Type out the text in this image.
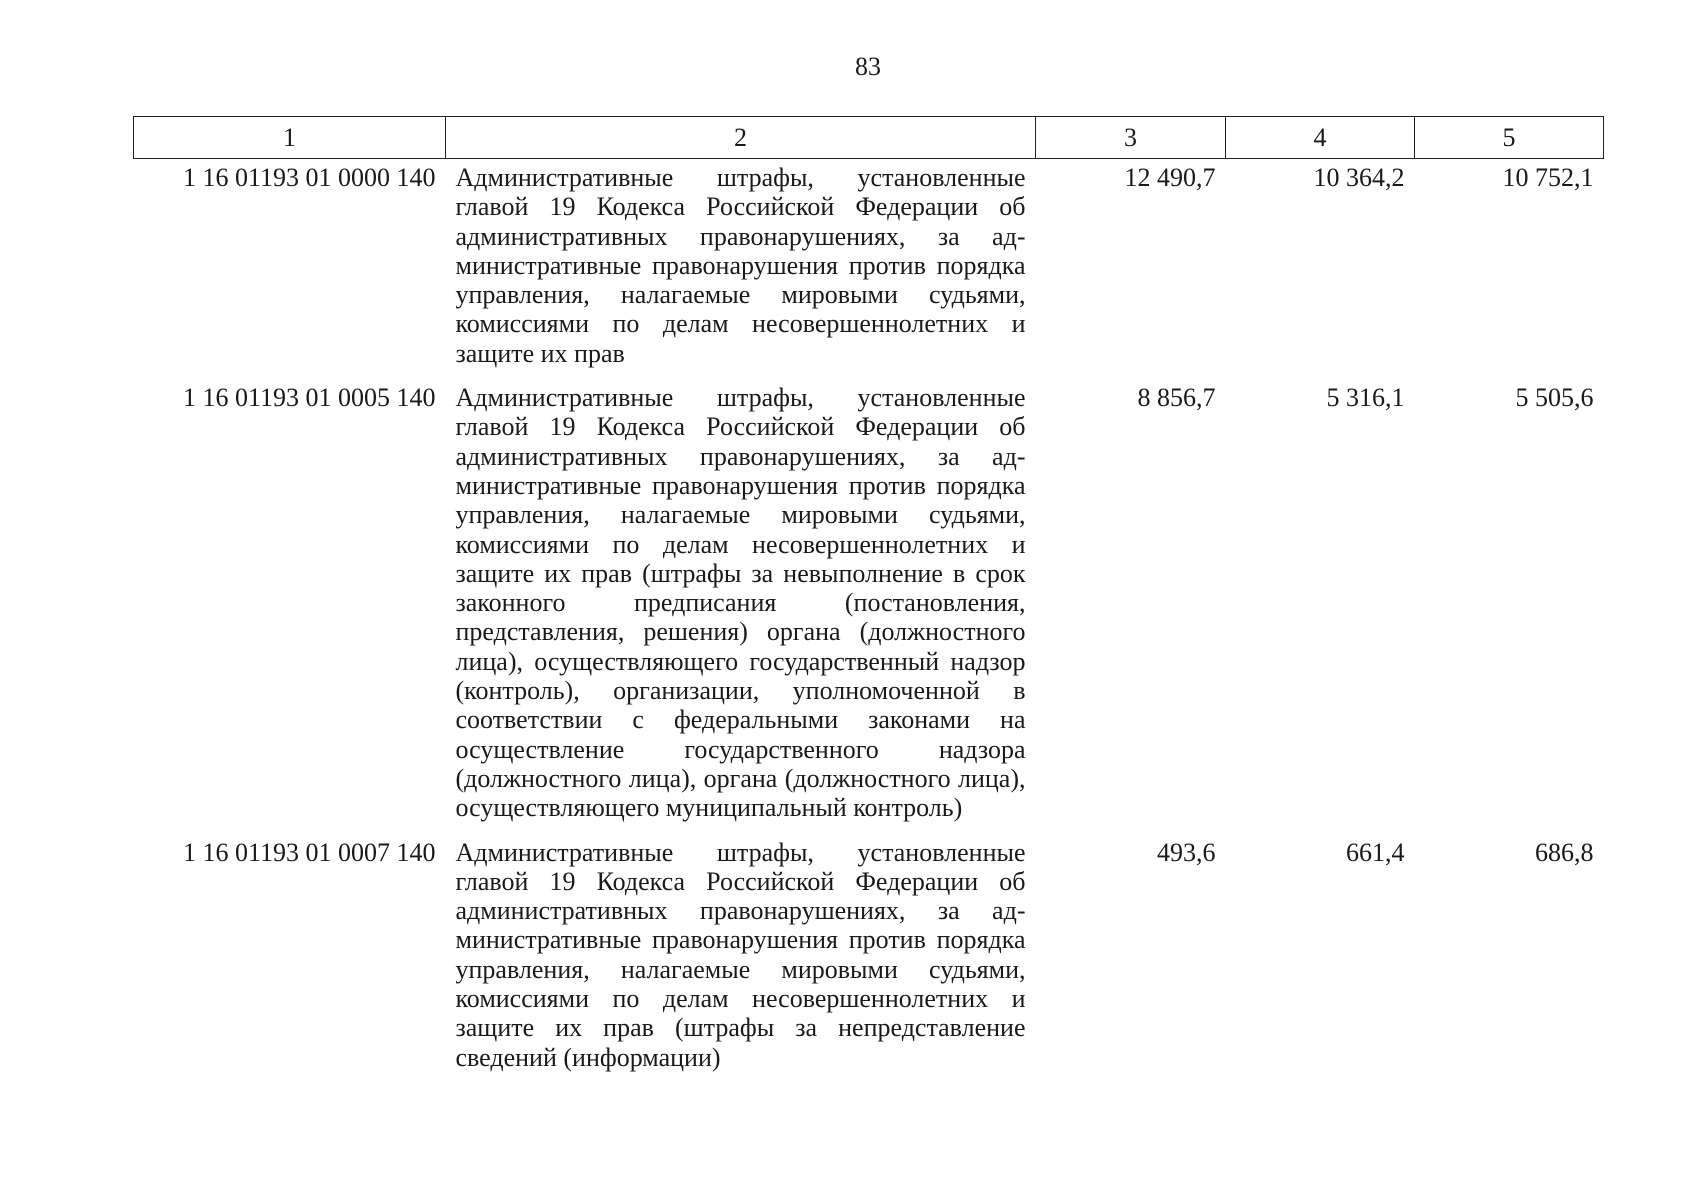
83
1	2	3	4	5
1 16 01193 01 0000 140	Административные штрафы, установленные главой 19 Кодекса Российской Федерации об административных правонарушениях, за административные правонарушения против порядка управления, налагаемые мировыми судьями, комиссиями по делам несовершеннолетних и защите их прав	12 490,7	10 364,2	10 752,1
1 16 01193 01 0005 140	Административные штрафы, установленные главой 19 Кодекса Российской Федерации об административных правонарушениях, за административные правонарушения против порядка управления, налагаемые мировыми судьями, комиссиями по делам несовершеннолетних и защите их прав (штрафы за невыполнение в срок законного предписания (постановления, представления, решения) органа (должностного лица), осуществляющего государственный надзор (контроль), организации, уполномоченной в соответствии с федеральными законами на осуществление государственного надзора (должностного лица), органа (должностного лица), осуществляющего муниципальный контроль)	8 856,7	5 316,1	5 505,6
1 16 01193 01 0007 140	Административные штрафы, установленные главой 19 Кодекса Российской Федерации об административных правонарушениях, за административные правонарушения против порядка управления, налагаемые мировыми судьями, комиссиями по делам несовершеннолетних и защите их прав (штрафы за непредставление сведений (информации)	493,6	661,4	686,8
